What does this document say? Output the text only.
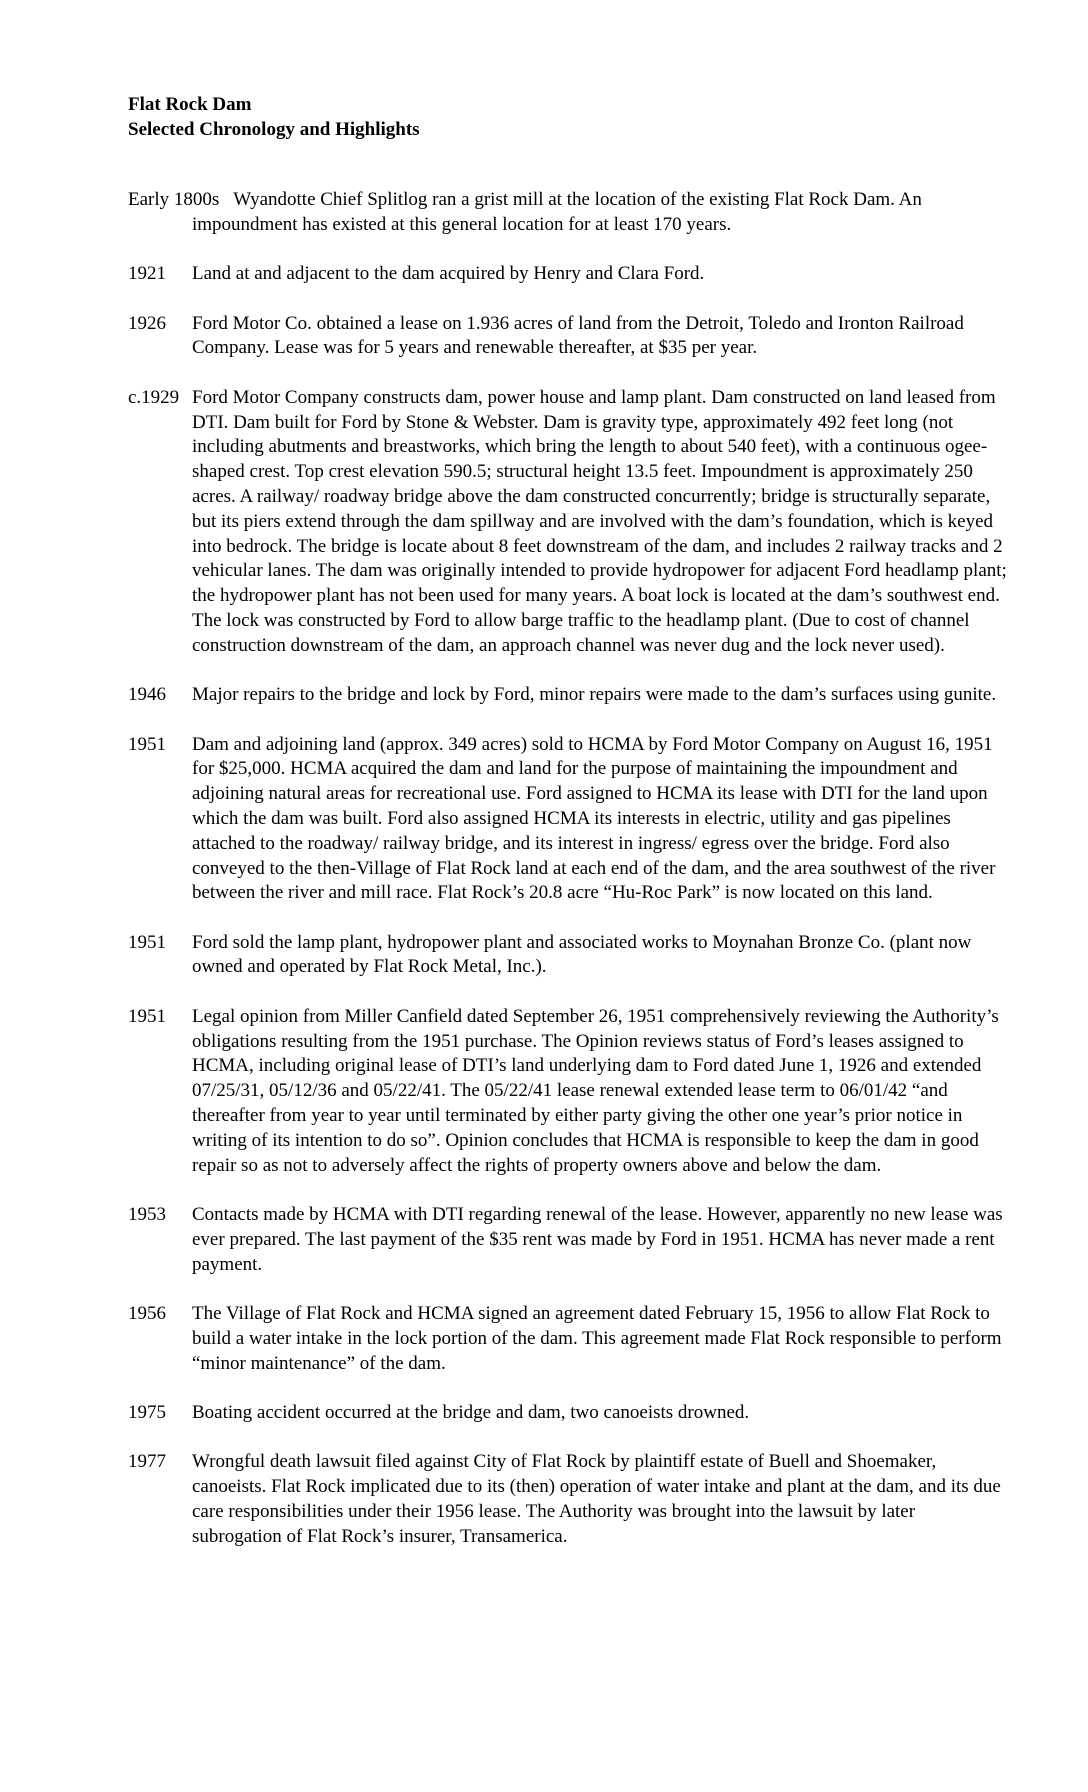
Flat Rock Dam
Selected Chronology and Highlights

Early 1800s Wyandotte Chief Splitlog ran a grist mill at the location of the existing Flat Rock Dam. An impoundment has existed at this general location for at least 170 years.

1921 Land at and adjacent to the dam acquired by Henry and Clara Ford.

1926 Ford Motor Co. obtained a lease on 1.936 acres of land from the Detroit, Toledo and Ironton Railroad Company. Lease was for 5 years and renewable thereafter, at $35 per year.

c.1929 Ford Motor Company constructs dam, power house and lamp plant. Dam constructed on land leased from DTI. Dam built for Ford by Stone & Webster. Dam is gravity type, approximately 492 feet long (not including abutments and breastworks, which bring the length to about 540 feet), with a continuous ogee-shaped crest. Top crest elevation 590.5; structural height 13.5 feet. Impoundment is approximately 250 acres. A railway/ roadway bridge above the dam constructed concurrently; bridge is structurally separate, but its piers extend through the dam spillway and are involved with the dam’s foundation, which is keyed into bedrock. The bridge is locate about 8 feet downstream of the dam, and includes 2 railway tracks and 2 vehicular lanes. The dam was originally intended to provide hydropower for adjacent Ford headlamp plant; the hydropower plant has not been used for many years. A boat lock is located at the dam’s southwest end. The lock was constructed by Ford to allow barge traffic to the headlamp plant. (Due to cost of channel construction downstream of the dam, an approach channel was never dug and the lock never used).

1946 Major repairs to the bridge and lock by Ford, minor repairs were made to the dam’s surfaces using gunite.

1951 Dam and adjoining land (approx. 349 acres) sold to HCMA by Ford Motor Company on August 16, 1951 for $25,000. HCMA acquired the dam and land for the purpose of maintaining the impoundment and adjoining natural areas for recreational use. Ford assigned to HCMA its lease with DTI for the land upon which the dam was built. Ford also assigned HCMA its interests in electric, utility and gas pipelines attached to the roadway/ railway bridge, and its interest in ingress/ egress over the bridge. Ford also conveyed to the then-Village of Flat Rock land at each end of the dam, and the area southwest of the river between the river and mill race. Flat Rock’s 20.8 acre “Hu-Roc Park” is now located on this land.

1951 Ford sold the lamp plant, hydropower plant and associated works to Moynahan Bronze Co. (plant now owned and operated by Flat Rock Metal, Inc.).

1951 Legal opinion from Miller Canfield dated September 26, 1951 comprehensively reviewing the Authority’s obligations resulting from the 1951 purchase. The Opinion reviews status of Ford’s leases assigned to HCMA, including original lease of DTI’s land underlying dam to Ford dated June 1, 1926 and extended 07/25/31, 05/12/36 and 05/22/41. The 05/22/41 lease renewal extended lease term to 06/01/42 “and thereafter from year to year until terminated by either party giving the other one year’s prior notice in writing of its intention to do so”. Opinion concludes that HCMA is responsible to keep the dam in good repair so as not to adversely affect the rights of property owners above and below the dam.

1953 Contacts made by HCMA with DTI regarding renewal of the lease. However, apparently no new lease was ever prepared. The last payment of the $35 rent was made by Ford in 1951. HCMA has never made a rent payment.

1956 The Village of Flat Rock and HCMA signed an agreement dated February 15, 1956 to allow Flat Rock to build a water intake in the lock portion of the dam. This agreement made Flat Rock responsible to perform “minor maintenance” of the dam.

1975 Boating accident occurred at the bridge and dam, two canoeists drowned.

1977 Wrongful death lawsuit filed against City of Flat Rock by plaintiff estate of Buell and Shoemaker, canoeists. Flat Rock implicated due to its (then) operation of water intake and plant at the dam, and its due care responsibilities under their 1956 lease. The Authority was brought into the lawsuit by later subrogation of Flat Rock’s insurer, Transamerica.
